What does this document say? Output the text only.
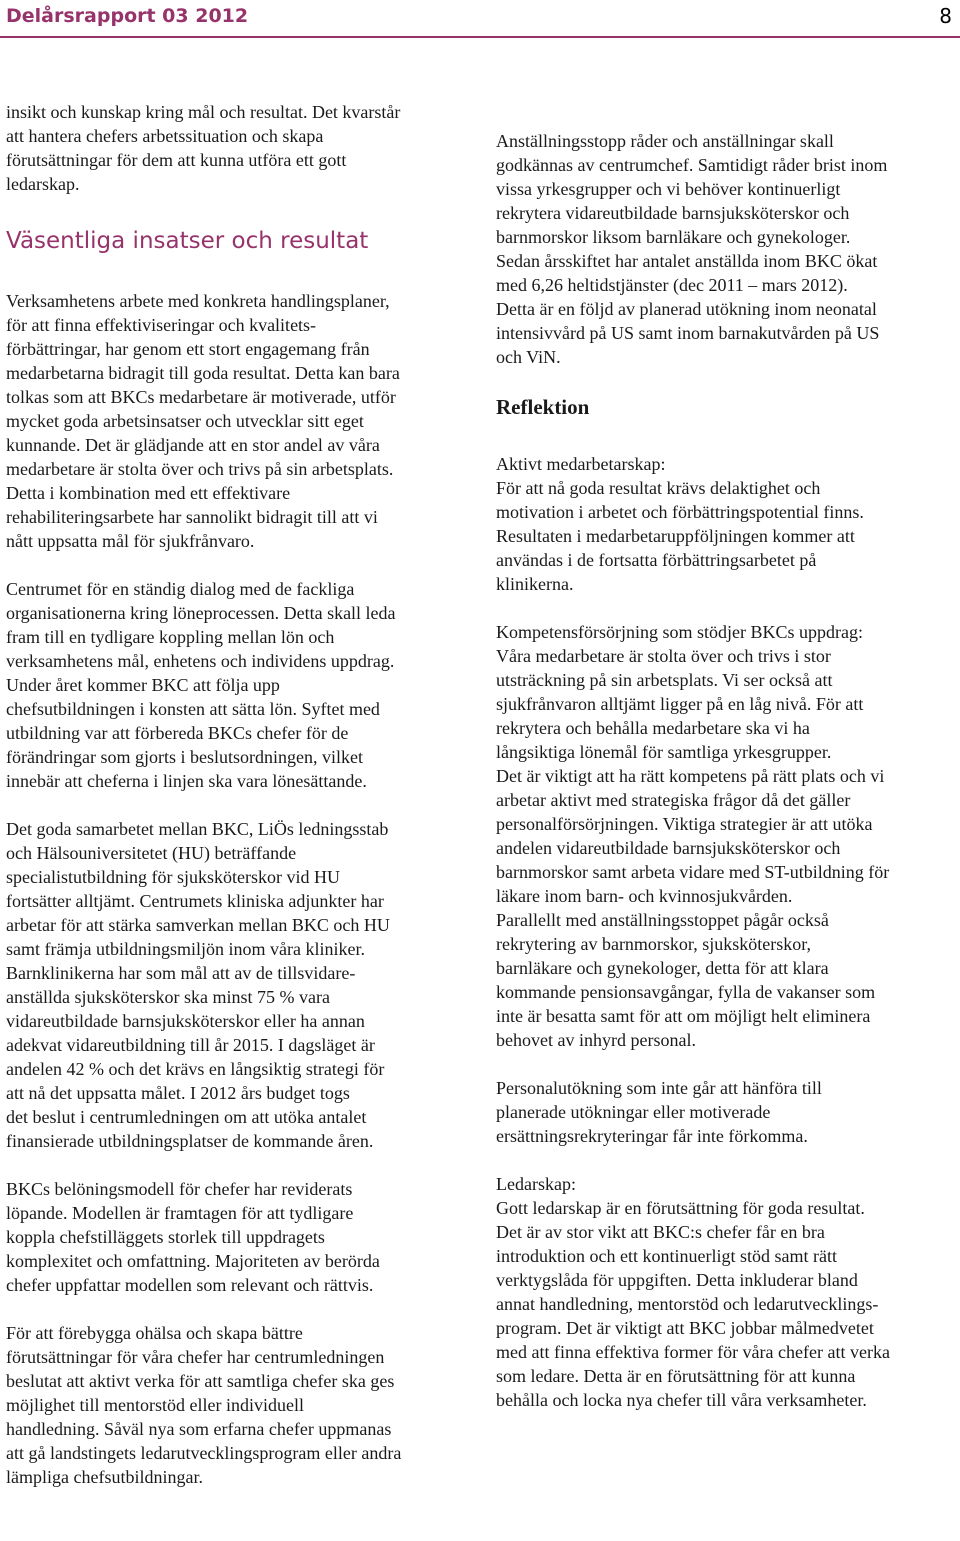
Delårsrapport 03 2012	8

insikt och kunskap kring mål och resultat. Det kvarstår
att hantera chefers arbetssituation och skapa
förutsättningar för dem att kunna utföra ett gott
ledarskap.

Väsentliga insatser och resultat

Verksamhetens arbete med konkreta handlingsplaner,
för att finna effektiviseringar och kvalitets-
förbättringar, har genom ett stort engagemang från
medarbetarna bidragit till goda resultat. Detta kan bara
tolkas som att BKCs medarbetare är motiverade, utför
mycket goda arbetsinsatser och utvecklar sitt eget
kunnande. Det är glädjande att en stor andel av våra
medarbetare är stolta över och trivs på sin arbetsplats.
Detta i kombination med ett effektivare
rehabiliteringsarbete har sannolikt bidragit till att vi
nått uppsatta mål för sjukfrånvaro.

Centrumet för en ständig dialog med de fackliga
organisationerna kring löneprocessen. Detta skall leda
fram till en tydligare koppling mellan lön och
verksamhetens mål, enhetens och individens uppdrag.
Under året kommer BKC att följa upp
chefsutbildningen i konsten att sätta lön. Syftet med
utbildning var att förbereda BKCs chefer för de
förändringar som gjorts i beslutsordningen, vilket
innebär att cheferna i linjen ska vara lönesättande.

Det goda samarbetet mellan BKC, LiÖs ledningsstab
och Hälsouniversitetet (HU) beträffande
specialistutbildning för sjuksköterskor vid HU
fortsätter alltjämt. Centrumets kliniska adjunkter har
arbetar för att stärka samverkan mellan BKC och HU
samt främja utbildningsmiljön inom våra kliniker.
Barnklinikerna har som mål att av de tillsvidare-
anställda sjuksköterskor ska minst 75 % vara
vidareutbildade barnsjuksköterskor eller ha annan
adekvat vidareutbildning till år 2015. I dagsläget är
andelen 42 % och det krävs en långsiktig strategi för
att nå det uppsatta målet. I 2012 års budget togs
det beslut i centrumledningen om att utöka antalet
finansierade utbildningsplatser de kommande åren.

BKCs belöningsmodell för chefer har reviderats
löpande. Modellen är framtagen för att tydligare
koppla chefstilläggets storlek till uppdragets
komplexitet och omfattning. Majoriteten av berörda
chefer uppfattar modellen som relevant och rättvis.

För att förebygga ohälsa och skapa bättre
förutsättningar för våra chefer har centrumledningen
beslutat att aktivt verka för att samtliga chefer ska ges
möjlighet till mentorstöd eller individuell
handledning. Såväl nya som erfarna chefer uppmanas
att gå landstingets ledarutvecklingsprogram eller andra
lämpliga chefsutbildningar.

Anställningsstopp råder och anställningar skall
godkännas av centrumchef. Samtidigt råder brist inom
vissa yrkesgrupper och vi behöver kontinuerligt
rekrytera vidareutbildade barnsjuksköterskor och
barnmorskor liksom barnläkare och gynekologer.
Sedan årsskiftet har antalet anställda inom BKC ökat
med 6,26 heltidstjänster (dec 2011 – mars 2012).
Detta är en följd av planerad utökning inom neonatal
intensivvård på US samt inom barnakutvården på US
och ViN.

Reflektion

Aktivt medarbetarskap:
För att nå goda resultat krävs delaktighet och
motivation i arbetet och förbättringspotential finns.
Resultaten i medarbetaruppföljningen kommer att
användas i de fortsatta förbättringsarbetet på
klinikerna.

Kompetensförsörjning som stödjer BKCs uppdrag:
Våra medarbetare är stolta över och trivs i stor
utsträckning på sin arbetsplats. Vi ser också att
sjukfrånvaron alltjämt ligger på en låg nivå. För att
rekrytera och behålla medarbetare ska vi ha
långsiktiga lönemål för samtliga yrkesgrupper.
Det är viktigt att ha rätt kompetens på rätt plats och vi
arbetar aktivt med strategiska frågor då det gäller
personalförsörjningen. Viktiga strategier är att utöka
andelen vidareutbildade barnsjuksköterskor och
barnmorskor samt arbeta vidare med ST-utbildning för
läkare inom barn- och kvinnosjukvården.
Parallellt med anställningsstoppet pågår också
rekrytering av barnmorskor, sjuksköterskor,
barnläkare och gynekologer, detta för att klara
kommande pensionsavgångar, fylla de vakanser som
inte är besatta samt för att om möjligt helt eliminera
behovet av inhyrd personal.

Personalutökning som inte går att hänföra till
planerade utökningar eller motiverade
ersättningsrekryteringar får inte förkomma.

Ledarskap:
Gott ledarskap är en förutsättning för goda resultat.
Det är av stor vikt att BKC:s chefer får en bra
introduktion och ett kontinuerligt stöd samt rätt
verktygslåda för uppgiften. Detta inkluderar bland
annat handledning, mentorstöd och ledarutvecklings-
program. Det är viktigt att BKC jobbar målmedvetet
med att finna effektiva former för våra chefer att verka
som ledare. Detta är en förutsättning för att kunna
behålla och locka nya chefer till våra verksamheter.
